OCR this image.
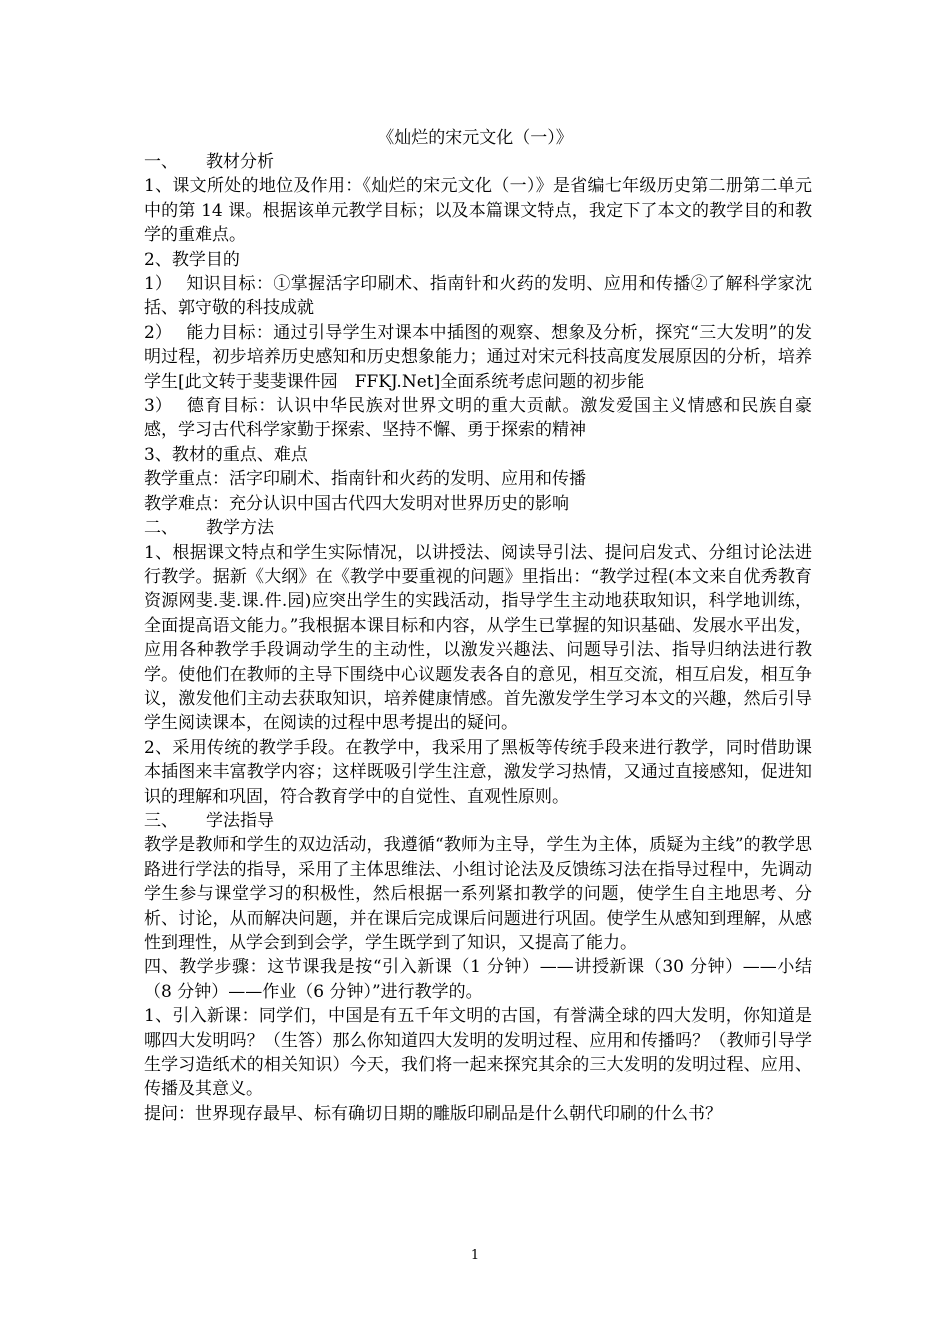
《灿烂的宋元文化（一）》

一、 教材分析

1、课文所处的地位及作用：《灿烂的宋元文化（一）》是省编七年级历史第二册第二单元中的第 14 课。根据该单元教学目标；以及本篇课文特点，我定下了本文的教学目的和教学的重难点。

2、教学目的

1） 知识目标：①掌握活字印刷术、指南针和火药的发明、应用和传播②了解科学家沈括、郭守敬的科技成就

2） 能力目标：通过引导学生对课本中插图的观察、想象及分析，探究“三大发明”的发明过程，初步培养历史感知和历史想象能力；通过对宋元科技高度发展原因的分析，培养学生[此文转于斐斐课件园　FFKJ.Net]全面系统考虑问题的初步能

3） 德育目标：认识中华民族对世界文明的重大贡献。激发爱国主义情感和民族自豪感，学习古代科学家勤于探索、坚持不懈、勇于探索的精神

3、教材的重点、难点

教学重点：活字印刷术、指南针和火药的发明、应用和传播

教学难点：充分认识中国古代四大发明对世界历史的影响

二、 教学方法

1、根据课文特点和学生实际情况，以讲授法、阅读导引法、提问启发式、分组讨论法进行教学。据新《大纲》在《教学中要重视的问题》里指出：“教学过程(本文来自优秀教育资源网斐.斐.课.件.园)应突出学生的实践活动，指导学生主动地获取知识，科学地训练，全面提高语文能力。”我根据本课目标和内容，从学生已掌握的知识基础、发展水平出发，应用各种教学手段调动学生的主动性，以激发兴趣法、问题导引法、指导归纳法进行教学。使他们在教师的主导下围绕中心议题发表各自的意见，相互交流，相互启发，相互争议，激发他们主动去获取知识，培养健康情感。首先激发学生学习本文的兴趣，然后引导学生阅读课本，在阅读的过程中思考提出的疑问。

2、采用传统的教学手段。在教学中，我采用了黑板等传统手段来进行教学，同时借助课本插图来丰富教学内容；这样既吸引学生注意，激发学习热情，又通过直接感知，促进知识的理解和巩固，符合教育学中的自觉性、直观性原则。

三、 学法指导

教学是教师和学生的双边活动，我遵循“教师为主导，学生为主体，质疑为主线”的教学思路进行学法的指导，采用了主体思维法、小组讨论法及反馈练习法在指导过程中，先调动学生参与课堂学习的积极性，然后根据一系列紧扣教学的问题，使学生自主地思考、分析、讨论，从而解决问题，并在课后完成课后问题进行巩固。使学生从感知到理解，从感性到理性，从学会到到会学，学生既学到了知识，又提高了能力。

四、教学步骤：这节课我是按“引入新课（1 分钟）——讲授新课（30 分钟）——小结（8 分钟）——作业（6 分钟）”进行教学的。

1、引入新课：同学们，中国是有五千年文明的古国，有誉满全球的四大发明，你知道是哪四大发明吗？（生答）那么你知道四大发明的发明过程、应用和传播吗？（教师引导学生学习造纸术的相关知识）今天，我们将一起来探究其余的三大发明的发明过程、应用、传播及其意义。

提问：世界现存最早、标有确切日期的雕版印刷品是什么朝代印刷的什么书？

1
